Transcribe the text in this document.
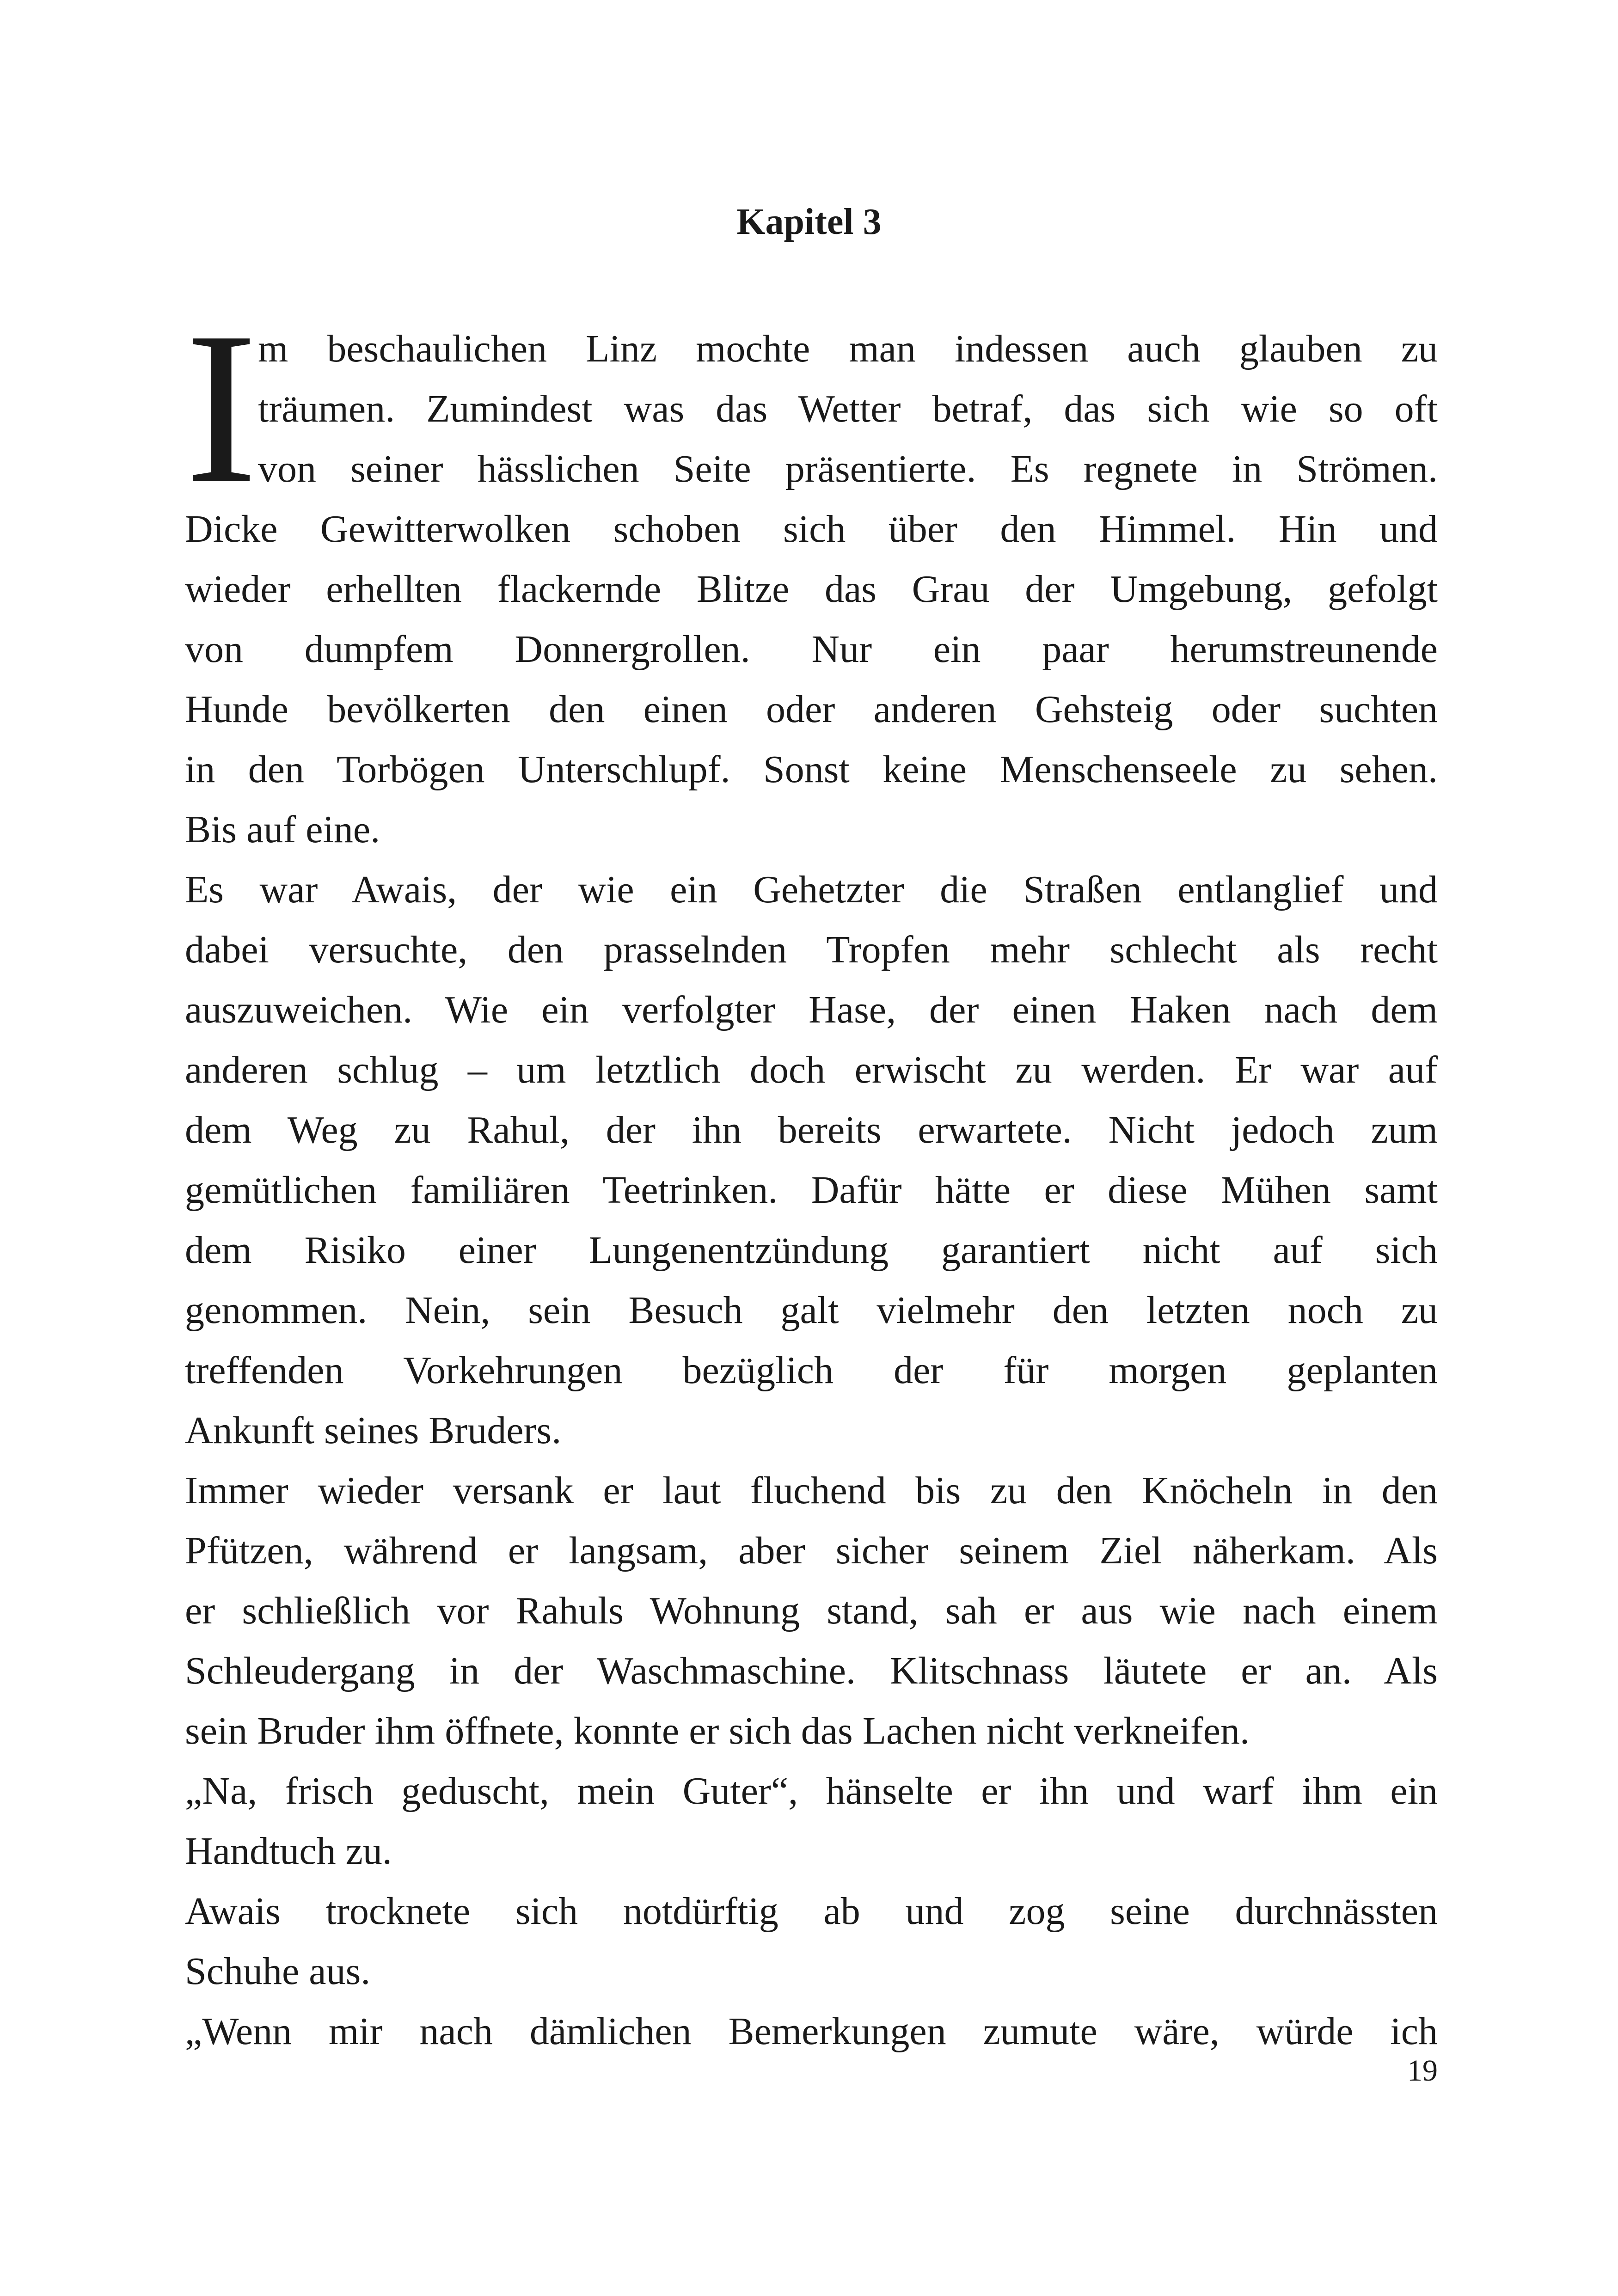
Kapitel 3
I m beschaulichen Linz mochte man indessen auch glauben zu
träumen. Zumindest was das Wetter betraf, das sich wie so oft
von seiner hässlichen Seite präsentierte. Es regnete in Strömen.
Dicke Gewitterwolken schoben sich über den Himmel. Hin und
wieder erhellten flackernde Blitze das Grau der Umgebung, gefolgt
von dumpfem Donnergrollen. Nur ein paar herumstreunende
Hunde bevölkerten den einen oder anderen Gehsteig oder suchten
in den Torbögen Unterschlupf. Sonst keine Menschenseele zu sehen.
Bis auf eine.
Es war Awais, der wie ein Gehetzter die Straßen entlanglief und
dabei versuchte, den prasselnden Tropfen mehr schlecht als recht
auszuweichen. Wie ein verfolgter Hase, der einen Haken nach dem
anderen schlug – um letztlich doch erwischt zu werden. Er war auf
dem Weg zu Rahul, der ihn bereits erwartete. Nicht jedoch zum
gemütlichen familiären Teetrinken. Dafür hätte er diese Mühen samt
dem Risiko einer Lungenentzündung garantiert nicht auf sich
genommen. Nein, sein Besuch galt vielmehr den letzten noch zu
treffenden Vorkehrungen bezüglich der für morgen geplanten
Ankunft seines Bruders.
Immer wieder versank er laut fluchend bis zu den Knöcheln in den
Pfützen, während er langsam, aber sicher seinem Ziel näherkam. Als
er schließlich vor Rahuls Wohnung stand, sah er aus wie nach einem
Schleudergang in der Waschmaschine. Klitschnass läutete er an. Als
sein Bruder ihm öffnete, konnte er sich das Lachen nicht verkneifen.
„Na, frisch geduscht, mein Guter“, hänselte er ihn und warf ihm ein
Handtuch zu.
Awais trocknete sich notdürftig ab und zog seine durchnässten
Schuhe aus.
„Wenn mir nach dämlichen Bemerkungen zumute wäre, würde ich

19
